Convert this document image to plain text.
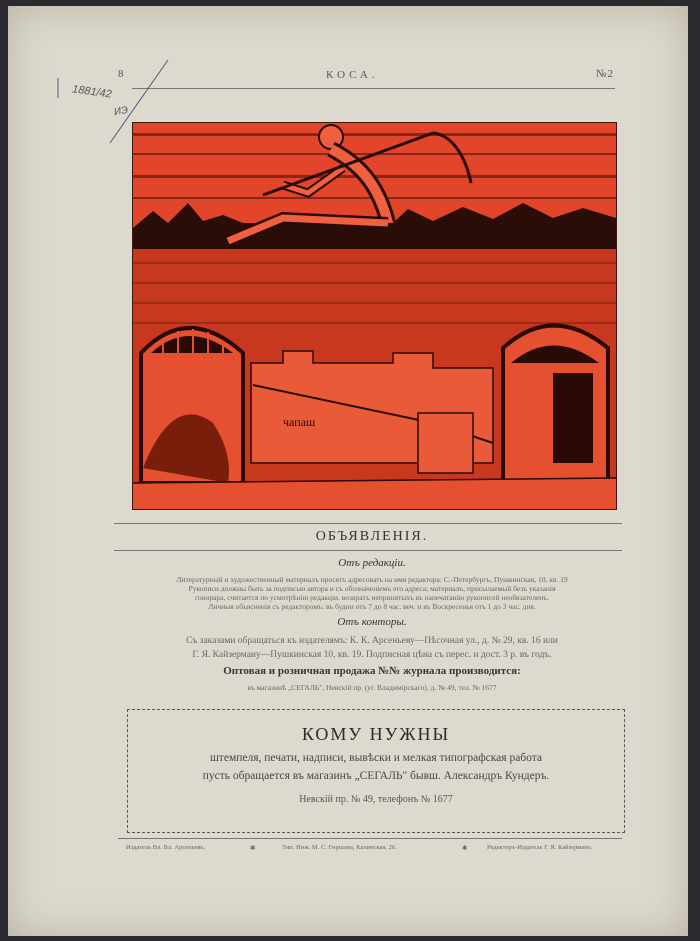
8	КОСА.	№2
1881/42
ИЭ
чапаш
ОБЪЯВЛЕНІЯ.
Отъ редакціи.
Литературный и художественный материалъ просятъ адресовать на имя редактора: С.-Петербургъ, Пушкинская, 10, кв. 19
Рукописи должны быть за подписью автора и съ обозначеніемъ его адреса; материалъ, присылаемый безъ указанія
гонорара, считается по усмотрѣнію редакціи. возвратъ непринятыхъ въ напечатанію рукописей необязателенъ.
Личныя объясненія съ редакторомъ: въ будни отъ 7 до 8 час. веч. и въ Воскресенья отъ 1 до 3 час. дня.
Отъ конторы.
Съ заказами обращаться къ издателямъ: К. К. Арсеньеву—Пѣсочная ул., д. № 29, кв. 16 или
Г. Я. Кайзерману—Пушкинская 10, кв. 19. Подписная цѣна съ перес. и дост. 3 р. въ годъ.
Оптовая и розничная продажа №№ журнала производится:
въ магазинѣ „СЕГАЛЬ", Невскій пр. (уг. Владимірскаго), д. № 49, тел. № 1677
КОМУ НУЖНЫ
штемпеля, печати, надписи, вывѣски и мелкая типографская работа
пусть обращается въ магазинъ „СЕГАЛЬ" бывш. Александръ Кундеръ.
Невскій пр. № 49, телефонъ № 1677
Издатель Вл. Вл. Арсеньевъ.	✱	Тип. Инж. М. С. Гиршова, Калинская, 26.	✱	Редакторъ-Издатель Г. Я. Кайзерманъ.
